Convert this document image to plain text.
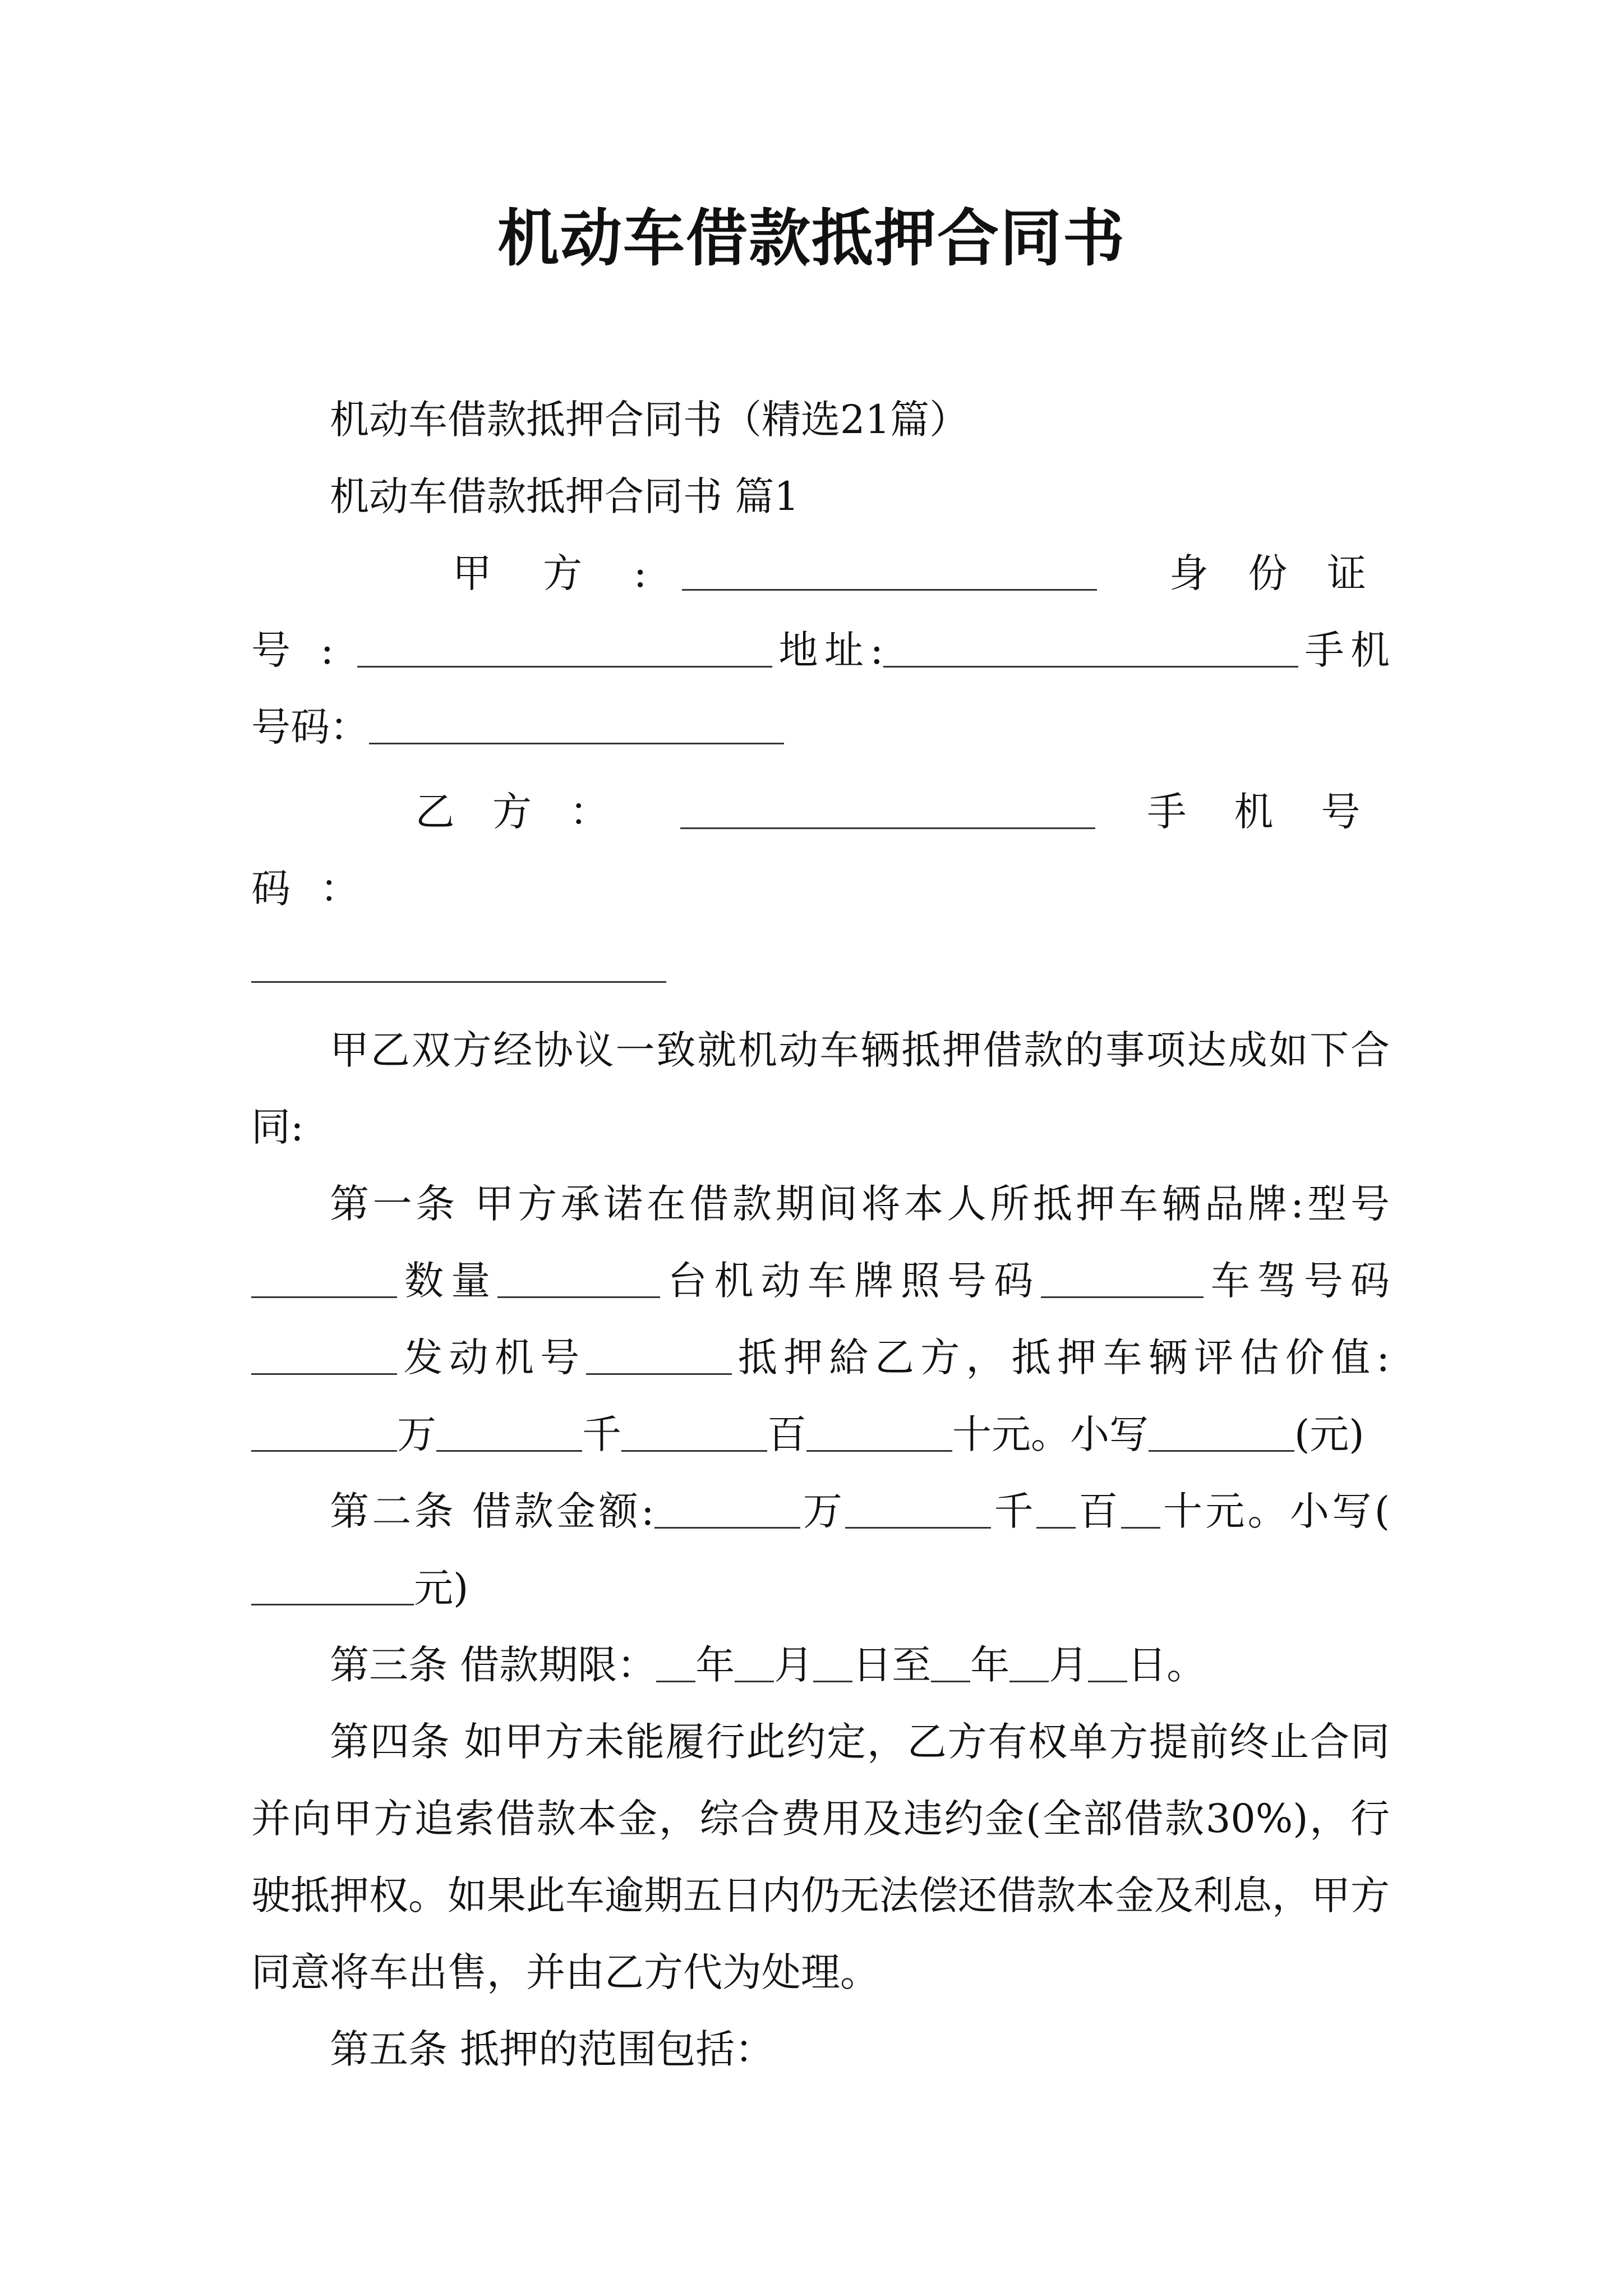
机动车借款抵押合同书

机动车借款抵押合同书（精选21篇）

机动车借款抵押合同书 篇1

甲方:	身份证号:	地址:	手机号码：

乙方：	手机号码：

甲乙双方经协议一致就机动车辆抵押借款的事项达成如下合同:

第一条 甲方承诺在借款期间将本人所抵押车辆品牌:型号数量	台机动车牌照号码	车驾号码发动机号	抵押給乙方，抵押车辆评估价值:万	千	百	十元。小写	(元)

第二条 借款金额:	万	千 百 十元。小写(元)

第三条 借款期限： 年 月 日至 年 月 日。

第四条 如甲方未能履行此约定，乙方有权单方提前终止合同并向甲方追索借款本金，综合费用及违约金(全部借款30%)，行驶抵押权。如果此车逾期五日内仍无法偿还借款本金及利息，甲方同意将车出售，并由乙方代为处理。

第五条 抵押的范围包括：
